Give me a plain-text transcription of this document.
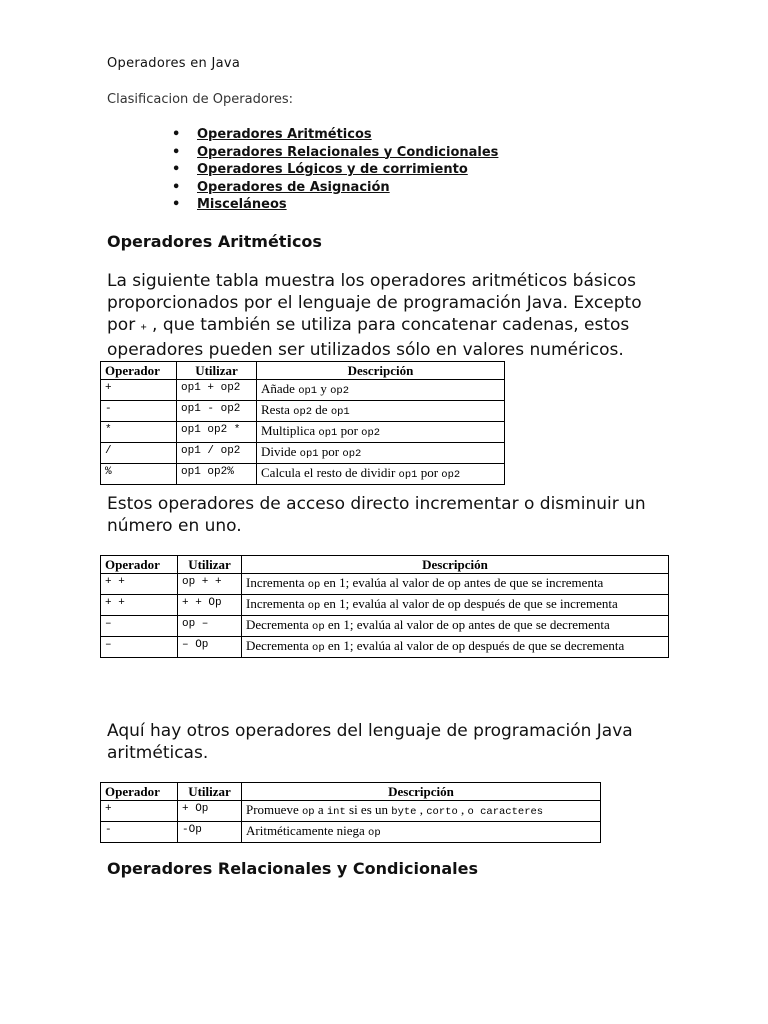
Operadores en Java
Clasificacion de Operadores:
• Operadores Aritméticos
• Operadores Relacionales y Condicionales
• Operadores Lógicos y de corrimiento
• Operadores de Asignación
• Misceláneos
Operadores Aritméticos
La siguiente tabla muestra los operadores aritméticos básicos proporcionados por el lenguaje de programación Java. Excepto por + , que también se utiliza para concatenar cadenas, estos operadores pueden ser utilizados sólo en valores numéricos.
Operador	Utilizar	Descripción
+	op1 + op2	Añade op1 y op2
-	op1 - op2	Resta op2 de op1
*	op1 op2 *	Multiplica op1 por op2
/	op1 / op2	Divide op1 por op2
%	op1 op2%	Calcula el resto de dividir op1 por op2
Estos operadores de acceso directo incrementar o disminuir un número en uno.
Operador	Utilizar	Descripción
+ +	op + +	Incrementa op en 1; evalúa al valor de op antes de que se incrementa
+ +	+ + Op	Incrementa op en 1; evalúa al valor de op después de que se incrementa
–	op –	Decrementa op en 1; evalúa al valor de op antes de que se decrementa
–	– Op	Decrementa op en 1; evalúa al valor de op después de que se decrementa
Aquí hay otros operadores del lenguaje de programación Java aritméticas.
Operador	Utilizar	Descripción
+	+ Op	Promueve op a int si es un byte , corto , o caracteres
-	-Op	Aritméticamente niega op
Operadores Relacionales y Condicionales
